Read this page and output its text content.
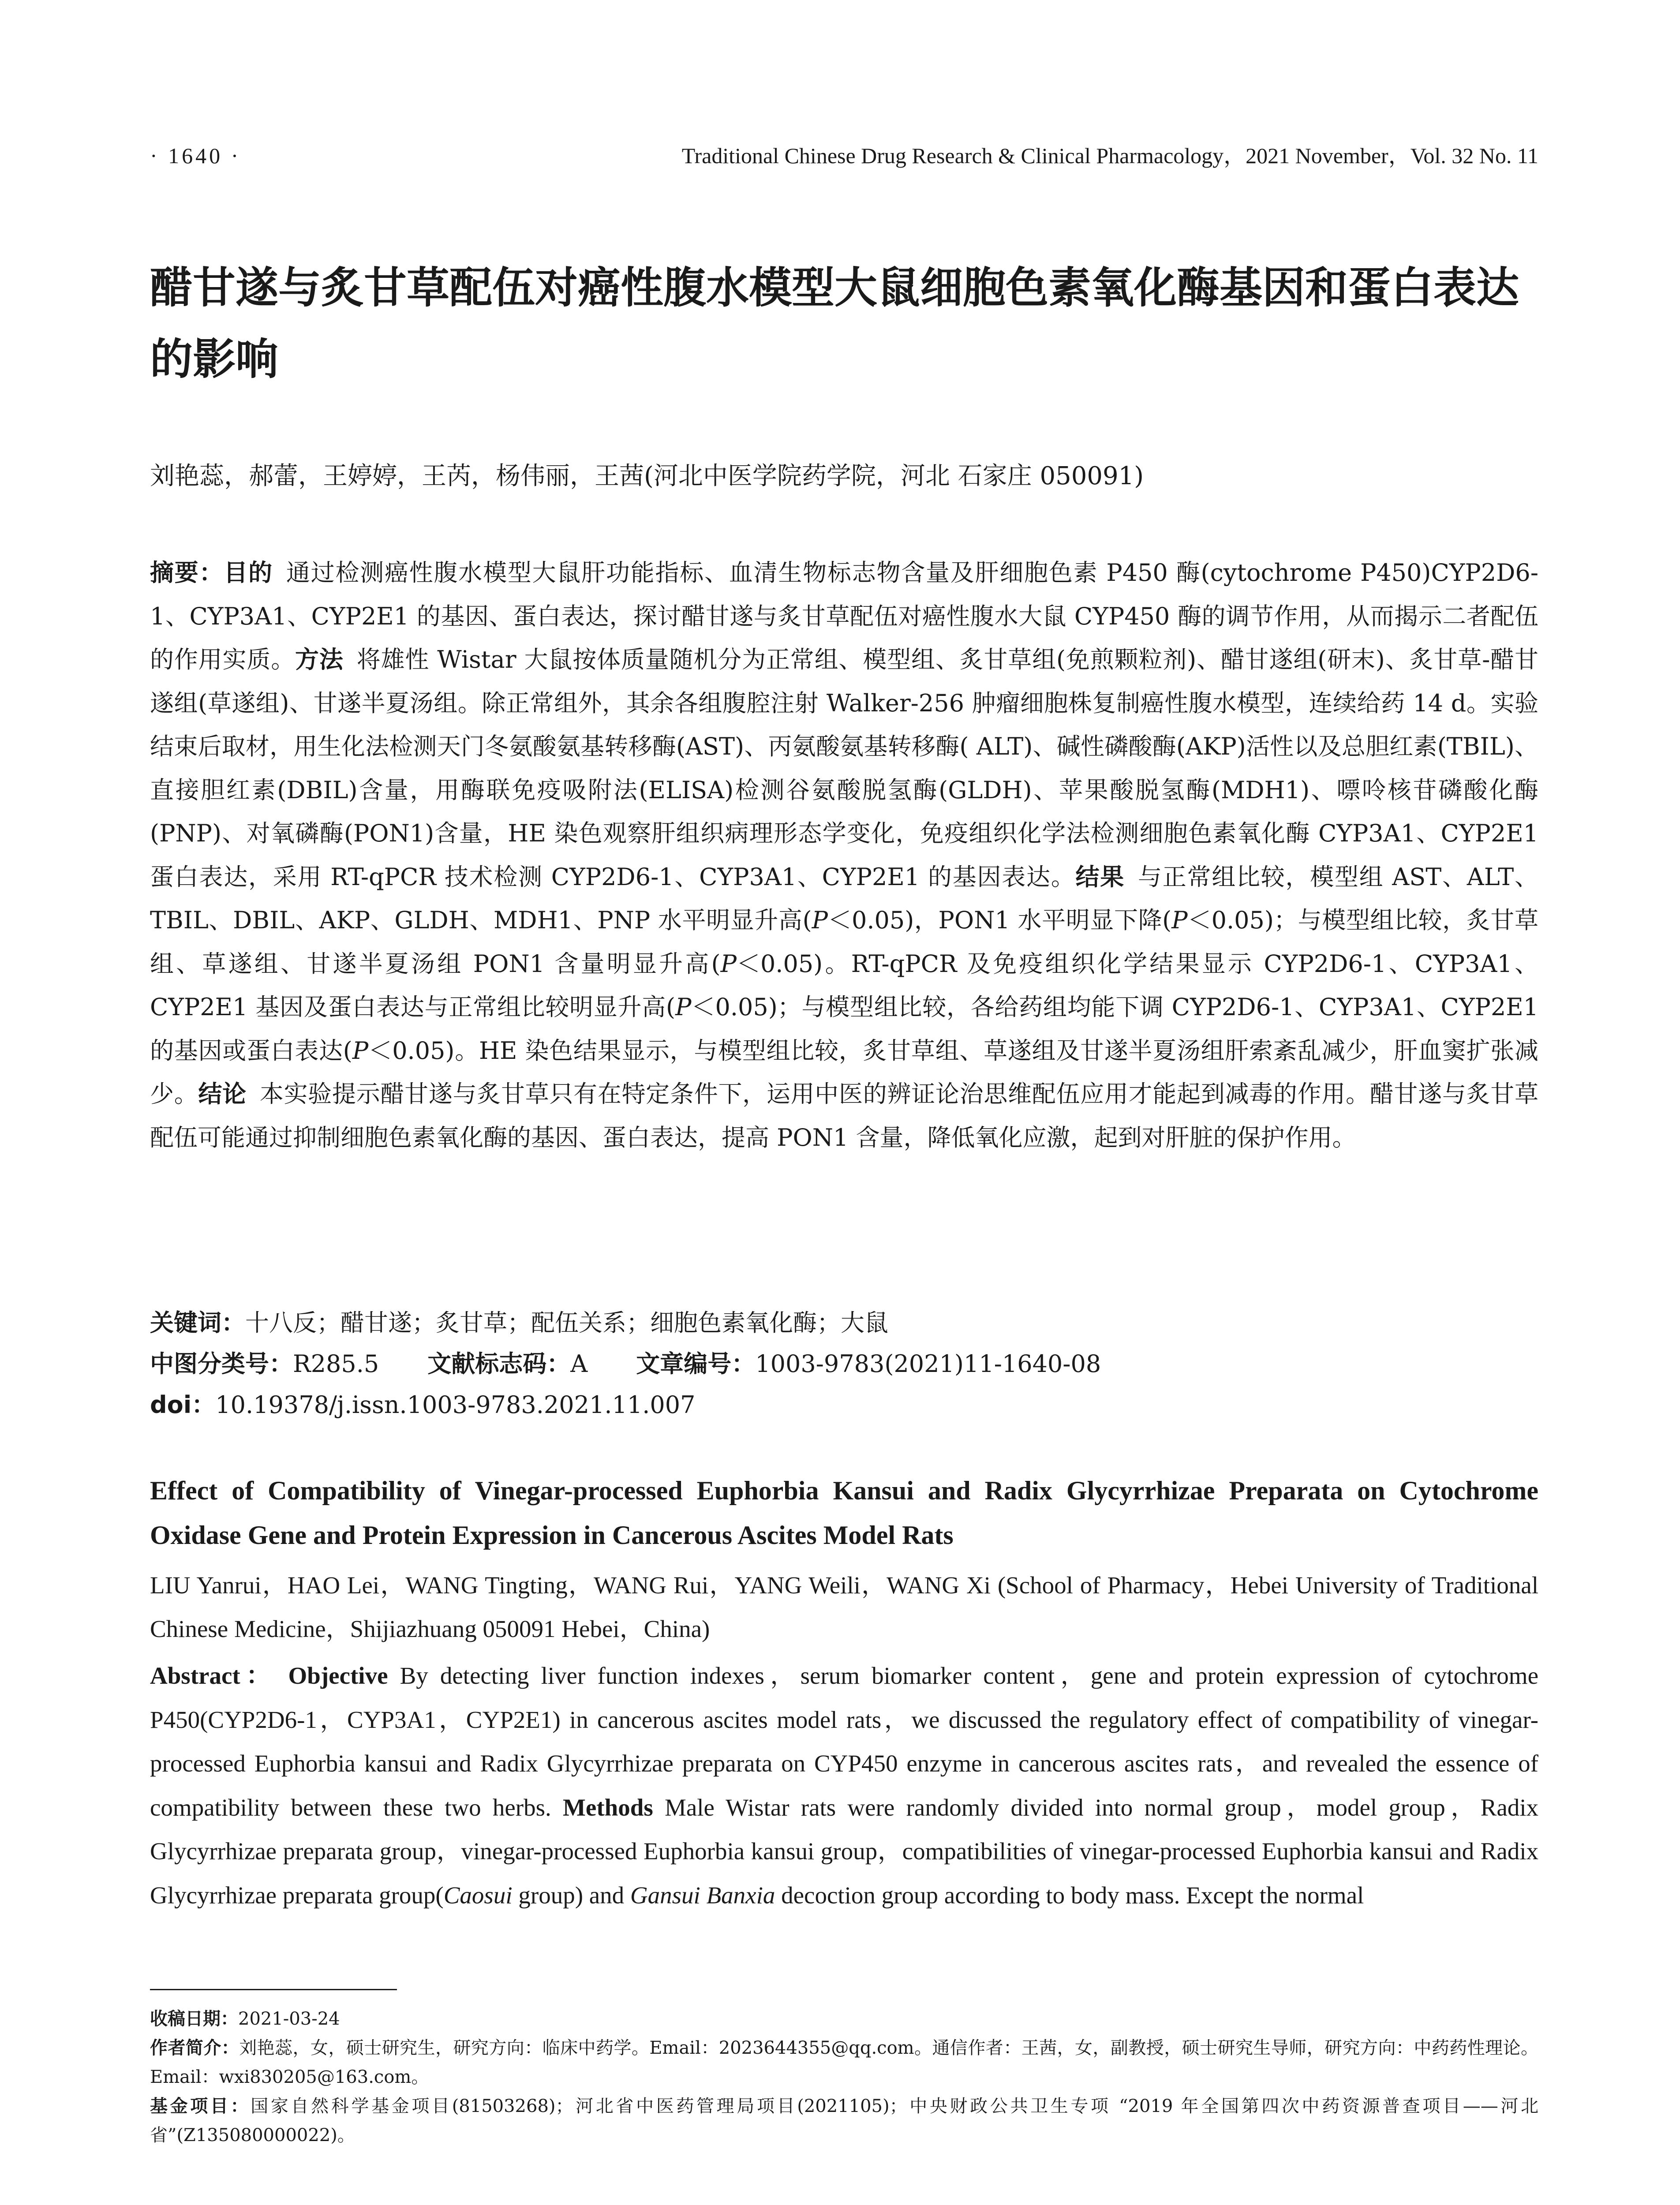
· 1640 ·	Traditional Chinese Drug Research & Clinical Pharmacology，2021 November，Vol. 32 No. 11
醋甘遂与炙甘草配伍对癌性腹水模型大鼠细胞色素氧化酶基因和蛋白表达的影响
刘艳蕊，郝蕾，王婷婷，王芮，杨伟丽，王茜(河北中医学院药学院，河北 石家庄 050091)

摘要：目的 通过检测癌性腹水模型大鼠肝功能指标、血清生物标志物含量及肝细胞色素 P450 酶(cytochrome P450)CYP2D6-1、CYP3A1、CYP2E1 的基因、蛋白表达，探讨醋甘遂与炙甘草配伍对癌性腹水大鼠 CYP450 酶的调节作用，从而揭示二者配伍的作用实质。方法 将雄性 Wistar 大鼠按体质量随机分为正常组、模型组、炙甘草组(免煎颗粒剂)、醋甘遂组(研末)、炙甘草-醋甘遂组(草遂组)、甘遂半夏汤组。除正常组外，其余各组腹腔注射 Walker-256 肿瘤细胞株复制癌性腹水模型，连续给药 14 d。实验结束后取材，用生化法检测天门冬氨酸氨基转移酶(AST)、丙氨酸氨基转移酶( ALT)、碱性磷酸酶(AKP)活性以及总胆红素(TBIL)、直接胆红素(DBIL)含量，用酶联免疫吸附法(ELISA)检测谷氨酸脱氢酶(GLDH)、苹果酸脱氢酶(MDH1)、嘌呤核苷磷酸化酶(PNP)、对氧磷酶(PON1)含量，HE 染色观察肝组织病理形态学变化，免疫组织化学法检测细胞色素氧化酶 CYP3A1、CYP2E1 蛋白表达，采用 RT-qPCR 技术检测 CYP2D6-1、CYP3A1、CYP2E1 的基因表达。结果 与正常组比较，模型组 AST、ALT、TBIL、DBIL、AKP、GLDH、MDH1、PNP 水平明显升高(P＜0.05)，PON1 水平明显下降(P＜0.05)；与模型组比较，炙甘草组、草遂组、甘遂半夏汤组 PON1 含量明显升高(P＜0.05)。RT-qPCR 及免疫组织化学结果显示 CYP2D6-1、CYP3A1、CYP2E1 基因及蛋白表达与正常组比较明显升高(P＜0.05)；与模型组比较，各给药组均能下调 CYP2D6-1、CYP3A1、CYP2E1 的基因或蛋白表达(P＜0.05)。HE 染色结果显示，与模型组比较，炙甘草组、草遂组及甘遂半夏汤组肝索紊乱减少，肝血窦扩张减少。结论 本实验提示醋甘遂与炙甘草只有在特定条件下，运用中医的辨证论治思维配伍应用才能起到减毒的作用。醋甘遂与炙甘草配伍可能通过抑制细胞色素氧化酶的基因、蛋白表达，提高 PON1 含量，降低氧化应激，起到对肝脏的保护作用。

关键词：十八反；醋甘遂；炙甘草；配伍关系；细胞色素氧化酶；大鼠
中图分类号：R285.5 文献标志码：A 文章编号：1003-9783(2021)11-1640-08
doi：10.19378/j.issn.1003-9783.2021.11.007
Effect of Compatibility of Vinegar-processed Euphorbia Kansui and Radix Glycyrrhizae Preparata on Cytochrome Oxidase Gene and Protein Expression in Cancerous Ascites Model Rats

LIU Yanrui，HAO Lei，WANG Tingting，WANG Rui，YANG Weili，WANG Xi (School of Pharmacy，Hebei University of Traditional Chinese Medicine，Shijiazhuang 050091 Hebei，China)

Abstract： Objective By detecting liver function indexes，serum biomarker content，gene and protein expression of cytochrome P450(CYP2D6-1，CYP3A1，CYP2E1) in cancerous ascites model rats，we discussed the regulatory effect of compatibility of vinegar-processed Euphorbia kansui and Radix Glycyrrhizae preparata on CYP450 enzyme in cancerous ascites rats，and revealed the essence of compatibility between these two herbs. Methods Male Wistar rats were randomly divided into normal group，model group，Radix Glycyrrhizae preparata group，vinegar-processed Euphorbia kansui group，compatibilities of vinegar-processed Euphorbia kansui and Radix Glycyrrhizae preparata group(Caosui group) and Gansui Banxia decoction group according to body mass. Except the normal

收稿日期：2021-03-24

作者简介：刘艳蕊，女，硕士研究生，研究方向：临床中药学。Email：2023644355@qq.com。通信作者：王茜，女，副教授，硕士研究生导师，研究方向：中药药性理论。Email：wxi830205@163.com。

基金项目：国家自然科学基金项目(81503268)；河北省中医药管理局项目(2021105)；中央财政公共卫生专项 “2019 年全国第四次中药资源普查项目——河北省”(Z135080000022)。
